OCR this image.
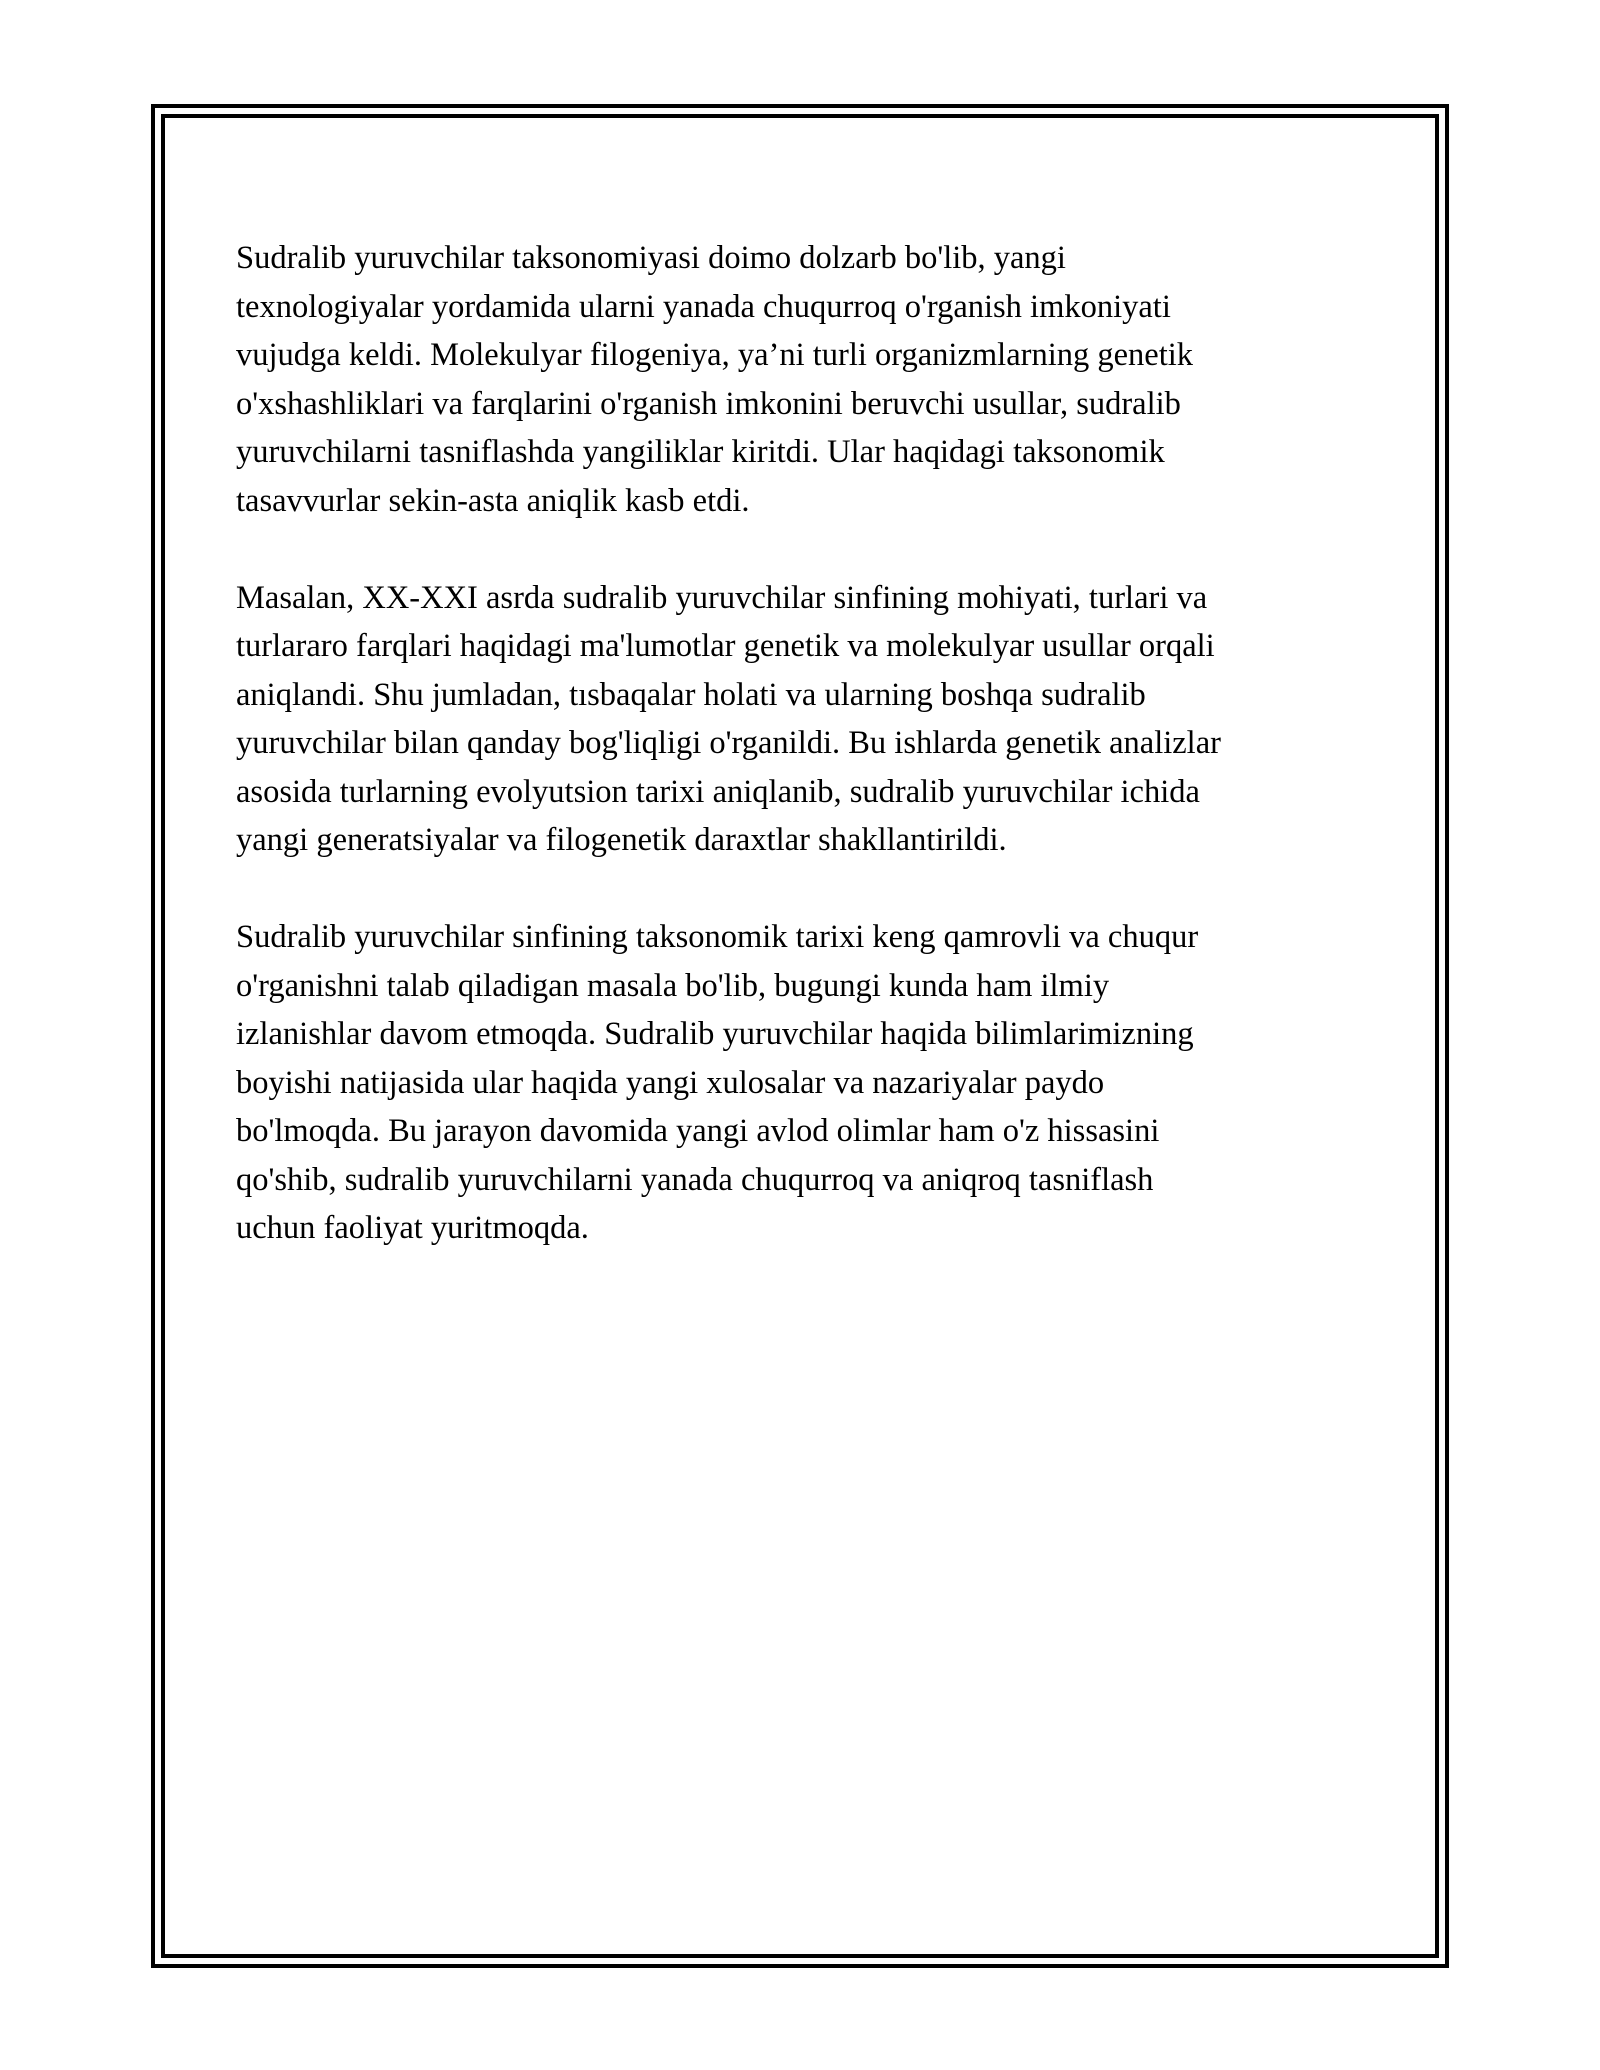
Sudralib yuruvchilar taksonomiyasi doimo dolzarb bo'lib, yangi
texnologiyalar yordamida ularni yanada chuqurroq o'rganish imkoniyati
vujudga keldi. Molekulyar filogeniya, ya’ni turli organizmlarning genetik
o'xshashliklari va farqlarini o'rganish imkonini beruvchi usullar, sudralib
yuruvchilarni tasniflashda yangiliklar kiritdi. Ular haqidagi taksonomik
tasavvurlar sekin-asta aniqlik kasb etdi.

Masalan, XX-XXI asrda sudralib yuruvchilar sinfining mohiyati, turlari va
turlararo farqlari haqidagi ma'lumotlar genetik va molekulyar usullar orqali
aniqlandi. Shu jumladan, tısbaqalar holati va ularning boshqa sudralib
yuruvchilar bilan qanday bog'liqligi o'rganildi. Bu ishlarda genetik analizlar
asosida turlarning evolyutsion tarixi aniqlanib, sudralib yuruvchilar ichida
yangi generatsiyalar va filogenetik daraxtlar shakllantirildi.

Sudralib yuruvchilar sinfining taksonomik tarixi keng qamrovli va chuqur
o'rganishni talab qiladigan masala bo'lib, bugungi kunda ham ilmiy
izlanishlar davom etmoqda. Sudralib yuruvchilar haqida bilimlarimizning
boyishi natijasida ular haqida yangi xulosalar va nazariyalar paydo
bo'lmoqda. Bu jarayon davomida yangi avlod olimlar ham o'z hissasini
qo'shib, sudralib yuruvchilarni yanada chuqurroq va aniqroq tasniflash
uchun faoliyat yuritmoqda.
